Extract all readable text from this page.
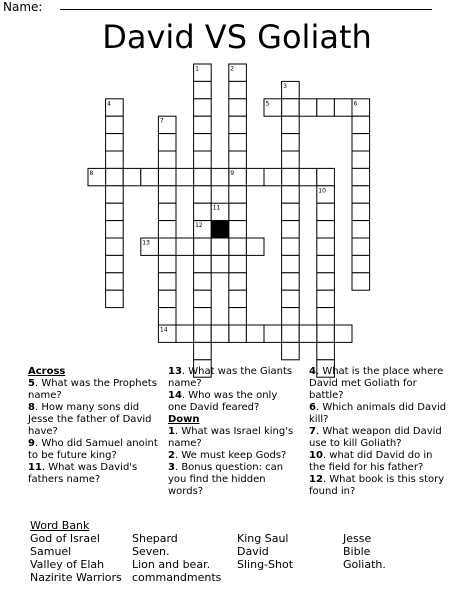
Name:
David VS Goliath
1	2
3
4	5	6
7
8	9
10
11
12
13
14
Across
5. What was the Prophets name?
8. How many sons did Jesse the father of David have?
9. Who did Samuel anoint to be future king?
11. What was David's fathers name?
13. What was the Giants name?
14. Who was the only one David feared?
Down
1. What was Israel king's name?
2. We must keep Gods?
3. Bonus question: can you find the hidden words?
4. What is the place where David met Goliath for battle?
6. Which animals did David kill?
7. What weapon did David use to kill Goliath?
10. what did David do in the field for his father?
12. What book is this story found in?
Word Bank
God of Israel
Samuel
Valley of Elah
Nazirite Warriors
Shepard
Seven.
Lion and bear.
commandments
King Saul
David
Sling-Shot
Jesse
Bible
Goliath.
